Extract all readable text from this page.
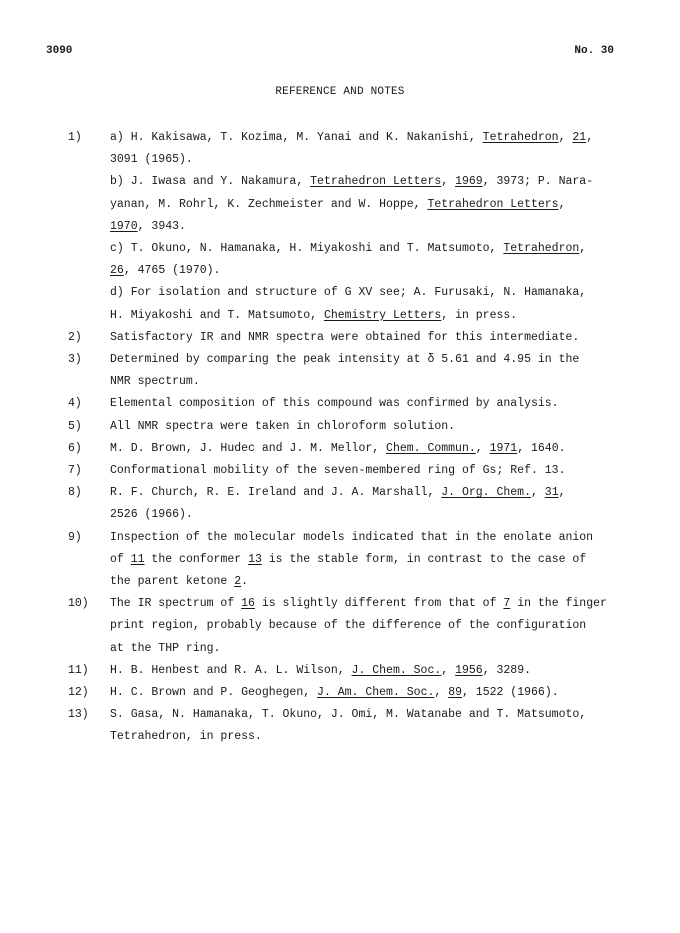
3090	No. 30
REFERENCE AND NOTES
1) a) H. Kakisawa, T. Kozima, M. Yanai and K. Nakanishi, Tetrahedron, 21,
3091 (1965).
b) J. Iwasa and Y. Nakamura, Tetrahedron Letters, 1969, 3973; P. Nara-
yanan, M. Rohrl, K. Zechmeister and W. Hoppe, Tetrahedron Letters,
1970, 3943.
c) T. Okuno, N. Hamanaka, H. Miyakoshi and T. Matsumoto, Tetrahedron,
26, 4765 (1970).
d) For isolation and structure of G XV see; A. Furusaki, N. Hamanaka,
H. Miyakoshi and T. Matsumoto, Chemistry Letters, in press.
2) Satisfactory IR and NMR spectra were obtained for this intermediate.
3) Determined by comparing the peak intensity at δ 5.61 and 4.95 in the
NMR spectrum.
4) Elemental composition of this compound was confirmed by analysis.
5) All NMR spectra were taken in chloroform solution.
6) M. D. Brown, J. Hudec and J. M. Mellor, Chem. Commun., 1971, 1640.
7) Conformational mobility of the seven-membered ring of Gs; Ref. 13.
8) R. F. Church, R. E. Ireland and J. A. Marshall, J. Org. Chem., 31,
2526 (1966).
9) Inspection of the molecular models indicated that in the enolate anion
of 11 the conformer 13 is the stable form, in contrast to the case of
the parent ketone 2.
10) The IR spectrum of 16 is slightly different from that of 7 in the finger
print region, probably because of the difference of the configuration
at the THP ring.
11) H. B. Henbest and R. A. L. Wilson, J. Chem. Soc., 1956, 3289.
12) H. C. Brown and P. Geoghegen, J. Am. Chem. Soc., 89, 1522 (1966).
13) S. Gasa, N. Hamanaka, T. Okuno, J. Omi, M. Watanabe and T. Matsumoto,
Tetrahedron, in press.
